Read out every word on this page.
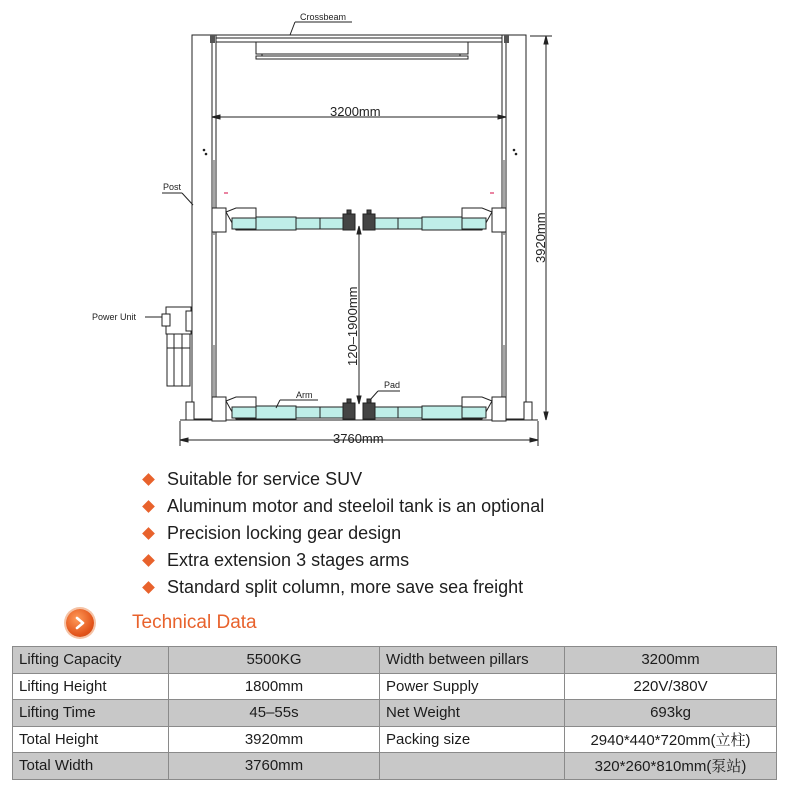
Crossbeam
Post
Power Unit
3200mm
3920mm
120–1900mm
3760mm
Arm
Pad
Suitable for service SUV
Aluminum motor and steeloil tank is an optional
Precision locking gear design
Extra extension 3 stages arms
Standard split column, more save sea freight
Technical Data
Lifting Capacity	5500KG	Width between pillars	3200mm
Lifting Height	1800mm	Power Supply	220V/380V
Lifting Time	45–55s	Net Weight	693kg
Total Height	3920mm	Packing size	2940*440*720mm(立柱)
Total Width	3760mm		320*260*810mm(泵站)
